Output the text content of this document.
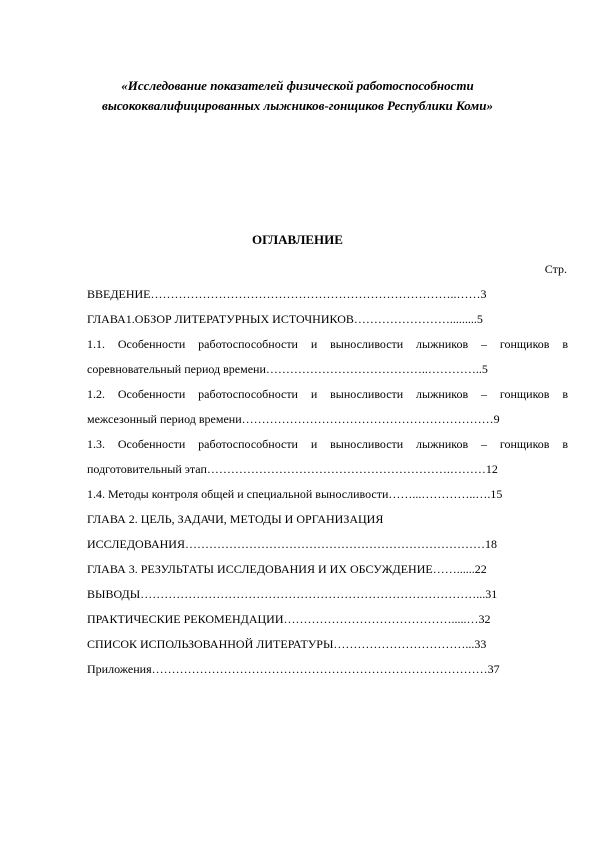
«Исследование показателей физической работоспособности
высококвалифицированных лыжников-гонщиков Республики Коми»
ОГЛАВЛЕНИЕ
Стр.
ВВЕДЕНИЕ…………………………………………………………………..……3
ГЛАВА1.ОБЗОР ЛИТЕРАТУРНЫХ ИСТОЧНИКОВ…………………….........5
1.1. Особенности работоспособности и выносливости лыжников – гонщиков в
соревновательный период времени…………………………………..…………..5
1.2. Особенности работоспособности и выносливости лыжников – гонщиков в
межсезонный период времени………………………………………………………9
1.3. Особенности работоспособности и выносливости лыжников – гонщиков в
подготовительный этап…………………………………………………….………12
1.4. Методы контроля общей и специальной выносливости……...…………..….15
ГЛАВА 2. ЦЕЛЬ, ЗАДАЧИ, МЕТОДЫ И ОРГАНИЗАЦИЯ
ИССЛЕДОВАНИЯ…………………………………………………………………18
ГЛАВА 3. РЕЗУЛЬТАТЫ ИССЛЕДОВАНИЯ И ИХ ОБСУЖДЕНИЕ……......22
ВЫВОДЫ…………………………………………………………………………...31
ПРАКТИЧЕСКИЕ РЕКОМЕНДАЦИИ…………………………………….....…32
СПИСОК ИСПОЛЬЗОВАННОЙ ЛИТЕРАТУРЫ……………………………...33
Приложения…………………………………………………………………………37
